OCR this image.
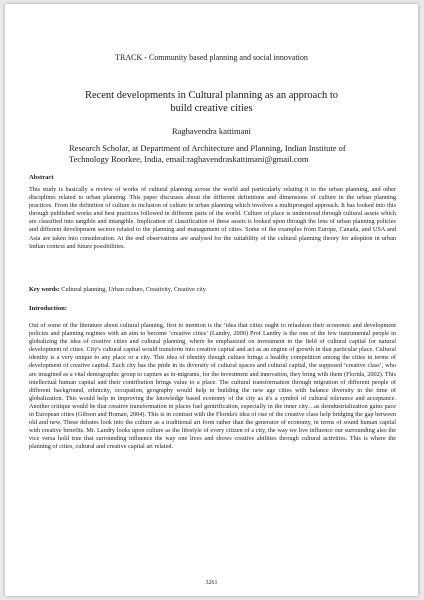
TRACK - Community based planning and social innovation
Recent developments in Cultural planning as an approach to build creative cities
Raghavendra kattimani
Research Scholar, at Department of Architecture and Planning, Indian Institute of Technology Roorkee, India, email:raghavendraskattimani@gmail.com
Abstract
This study is basically a review of works of cultural planning across the world and particularly relating it to the urban planning, and other disciplines related to urban planning. This paper discusses about the different definitions and dimensions of culture in the urban planning practices. From the definition of culture to inclusion of culture in urban planning which involves a multipronged approach. It has looked into this through published works and best practices followed in different parts of the world. Culture of place is understood through cultural assets which are classified into tangible and intangible. Implication of classification of these assets is looked upon through the lens of urban planning policies and different development sectors related to the planning and management of cities. Some of the examples from Europe, Canada, and USA and Asia are taken into consideration. At the end observations are analysed for the suitability of the cultural planning theory for adoption in urban Indian context and future possibilities.
Key words: Cultural planning, Urban culture, Creativity, Creative city
Introduction:
Out of some of the literature about cultural planning, first to mention is the ‘idea that cities ought to refashion their economic and development policies and planning regimes with an aim to become ‘creative cities’ (Landry, 2000) Prof Landry is the one of the few instrumental people in globalizing the idea of creative cities and cultural planning, where he emphasized on investment in the field of cultural capital for natural development of cities. City's cultural capital would transform into creative capital and act as an engine of growth in that particular place. Cultural identity is a very unique to any place or a city. This idea of identity though culture brings a healthy competition among the cities in terms of development of creative capital. Each city has the pride in its diversity of cultural spaces and cultural capital, the supposed ‘creative class’, who are imagined as a vital demographic group to capture as in-migrants, for the investment and innovation, they bring with them (Florida, 2002). This intellectual human capital and their contribution brings value to a place. The cultural transformation through migration of different people of different background, ethnicity, occupation, geography would help in building the new age cities with balance diversity in the time of globalization. This would help in improving the knowledge based economy of the city as it's a symbol of cultural tolerance and acceptance. Another critique would be that creative transformation in places fuel gentrification, especially in the inner city…as deindustrialization gains pace in European cities (Gibson and Homan, 2004). This is in contrast with the Florida's idea of rise of the creative class help bridging the gap between old and new. These debates look into the culture as a traditional art form rather than the generator of economy, in terms of sound human capital with creative benefits. Mr. Landry looks upon culture as the lifestyle of every citizen of a city, the way we live influence our surrounding also the vice versa hold true that surrounding influence the way one lives and shows creative abilities through cultural activities. This is where the planning of cities, cultural and creative capital art related.
3261
